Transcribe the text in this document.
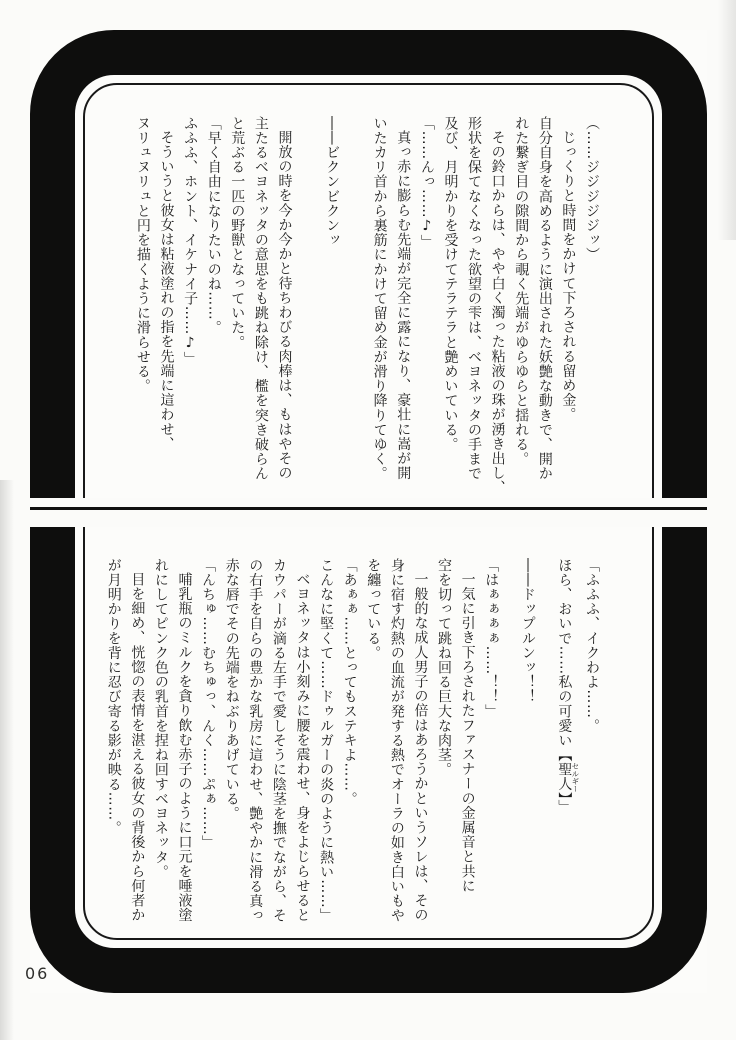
（……ジジジジジッ）

じっくりと時間をかけて下ろされる留め金。

自分自身を高めるように演出された妖艶な動きで、開か

れた繋ぎ目の隙間から覗く先端がゆらゆらと揺れる。

その鈴口からは、やや白く濁った粘液の珠が湧き出し、

形状を保てなくなった欲望の雫は、ベヨネッタの手まで

及び、月明かりを受けてテラテラと艶めいている。

「……んっ……♪」

真っ赤に膨らむ先端が完全に露になり、豪壮に嵩が開

いたカリ首から裏筋にかけて留め金が滑り降りてゆく。

――ビクンビクンッ

開放の時を今か今かと待ちわびる肉棒は、もはやその

主たるベヨネッタの意思をも跳ね除け、檻を突き破らん

と荒ぶる一匹の野獣となっていた。

「早く自由になりたいのね……。

ふふふ、ホント、イケナイ子……♪」

そういうと彼女は粘液塗れの指を先端に這わせ、

ヌリュヌリュと円を描くように滑らせる。

「ふふふ、イクわよ……。

ほら、おいで……私の可愛い【聖人セルギー】」

――ドップルンッ！！

「はぁぁぁぁ……！！」

一気に引き下ろされたファスナーの金属音と共に

空を切って跳ね回る巨大な肉茎。

一般的な成人男子の倍はあろうかというソレは、その

身に宿す灼熱の血流が発する熱でオーラの如き白いもや

を纏っている。

「あぁぁ……とってもステキよ……。

こんなに堅くて……ドゥルガーの炎のように熱い……」

ベヨネッタは小刻みに腰を震わせ、身をよじらせると

カウパーが滴る左手で愛しそうに陰茎を撫でながら、そ

の右手を自らの豊かな乳房に這わせ、艶やかに滑る真っ

赤な唇でその先端をねぶりあげている。

「んちゅ……むちゅっ、んく……ぷぁ……」

哺乳瓶のミルクを貪り飲む赤子のように口元を唾液塗

れにしてピンク色の乳首を捏ね回すベヨネッタ。

目を細め、恍惚の表情を湛える彼女の背後から何者か

が月明かりを背に忍び寄る影が映る……。

06
